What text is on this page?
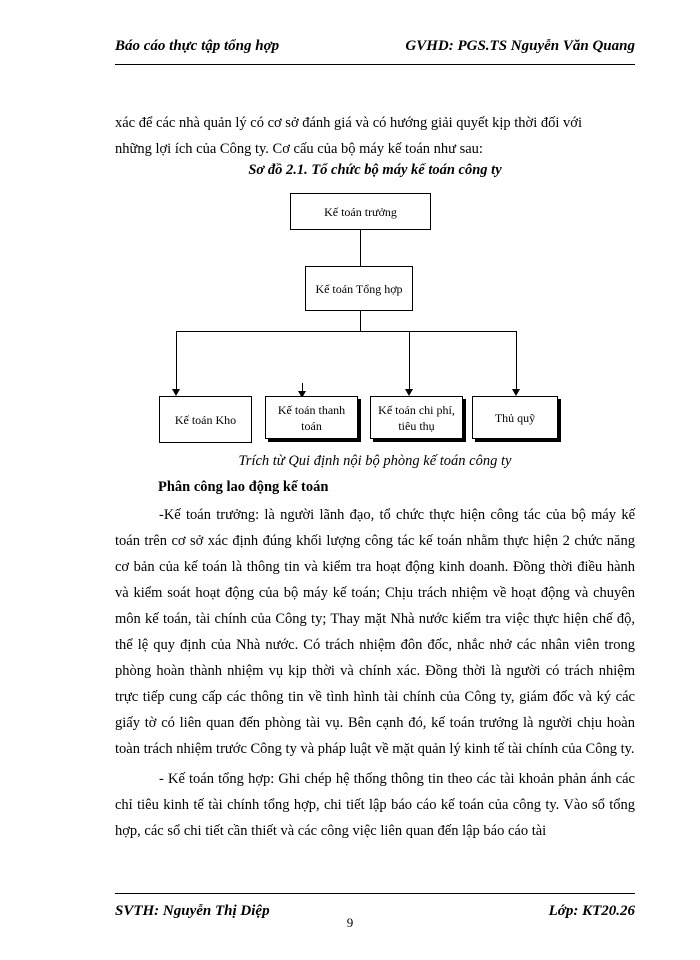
Báo cáo thực tập tổng hợp	GVHD: PGS.TS Nguyễn Văn Quang

xác để các nhà quản lý có cơ sở đánh giá và có hướng giải quyết kịp thời đối với

những lợi ích của Công ty. Cơ cấu của bộ máy kế toán như sau:

Sơ đồ 2.1. Tổ chức bộ máy kế toán công ty
Kế toán trưởng
Kế toán Tổng hợp
Kế toán Kho
Kế toán thanh toán
Kế toán chi phí, tiêu thụ
Thủ quỹ
Trích từ Qui định nội bộ phòng kế toán công ty
Phân công lao động kế toán

-Kế toán trưởng: là người lãnh đạo, tổ chức thực hiện công tác của bộ máy kế toán trên cơ sở xác định đúng khối lượng công tác kế toán nhằm thực hiện 2 chức năng cơ bản của kế toán là thông tin và kiểm tra hoạt động kinh doanh. Đồng thời điều hành và kiểm soát hoạt động của bộ máy kế toán; Chịu trách nhiệm về hoạt động và chuyên môn kế toán, tài chính của Công ty; Thay mặt Nhà nước kiểm tra việc thực hiện chế độ, thể lệ quy định của Nhà nước. Có trách nhiệm đôn đốc, nhắc nhở các nhân viên trong phòng hoàn thành nhiệm vụ kịp thời và chính xác. Đồng thời là người có trách nhiệm trực tiếp cung cấp các thông tin về tình hình tài chính của Công ty, giám đốc và ký các giấy tờ có liên quan đến phòng tài vụ. Bên cạnh đó, kế toán trưởng là người chịu hoàn toàn trách nhiệm trước Công ty và pháp luật về mặt quản lý kinh tế tài chính của Công ty.

- Kế toán tổng hợp: Ghi chép hệ thống thông tin theo các tài khoản phản ánh các chỉ tiêu kinh tế tài chính tổng hợp, chi tiết lập báo cáo kế toán của công ty. Vào sổ tổng hợp, các sổ chi tiết cần thiết và các công việc liên quan đến lập báo cáo tài

SVTH: Nguyễn Thị Diệp	Lớp: KT20.26
9
